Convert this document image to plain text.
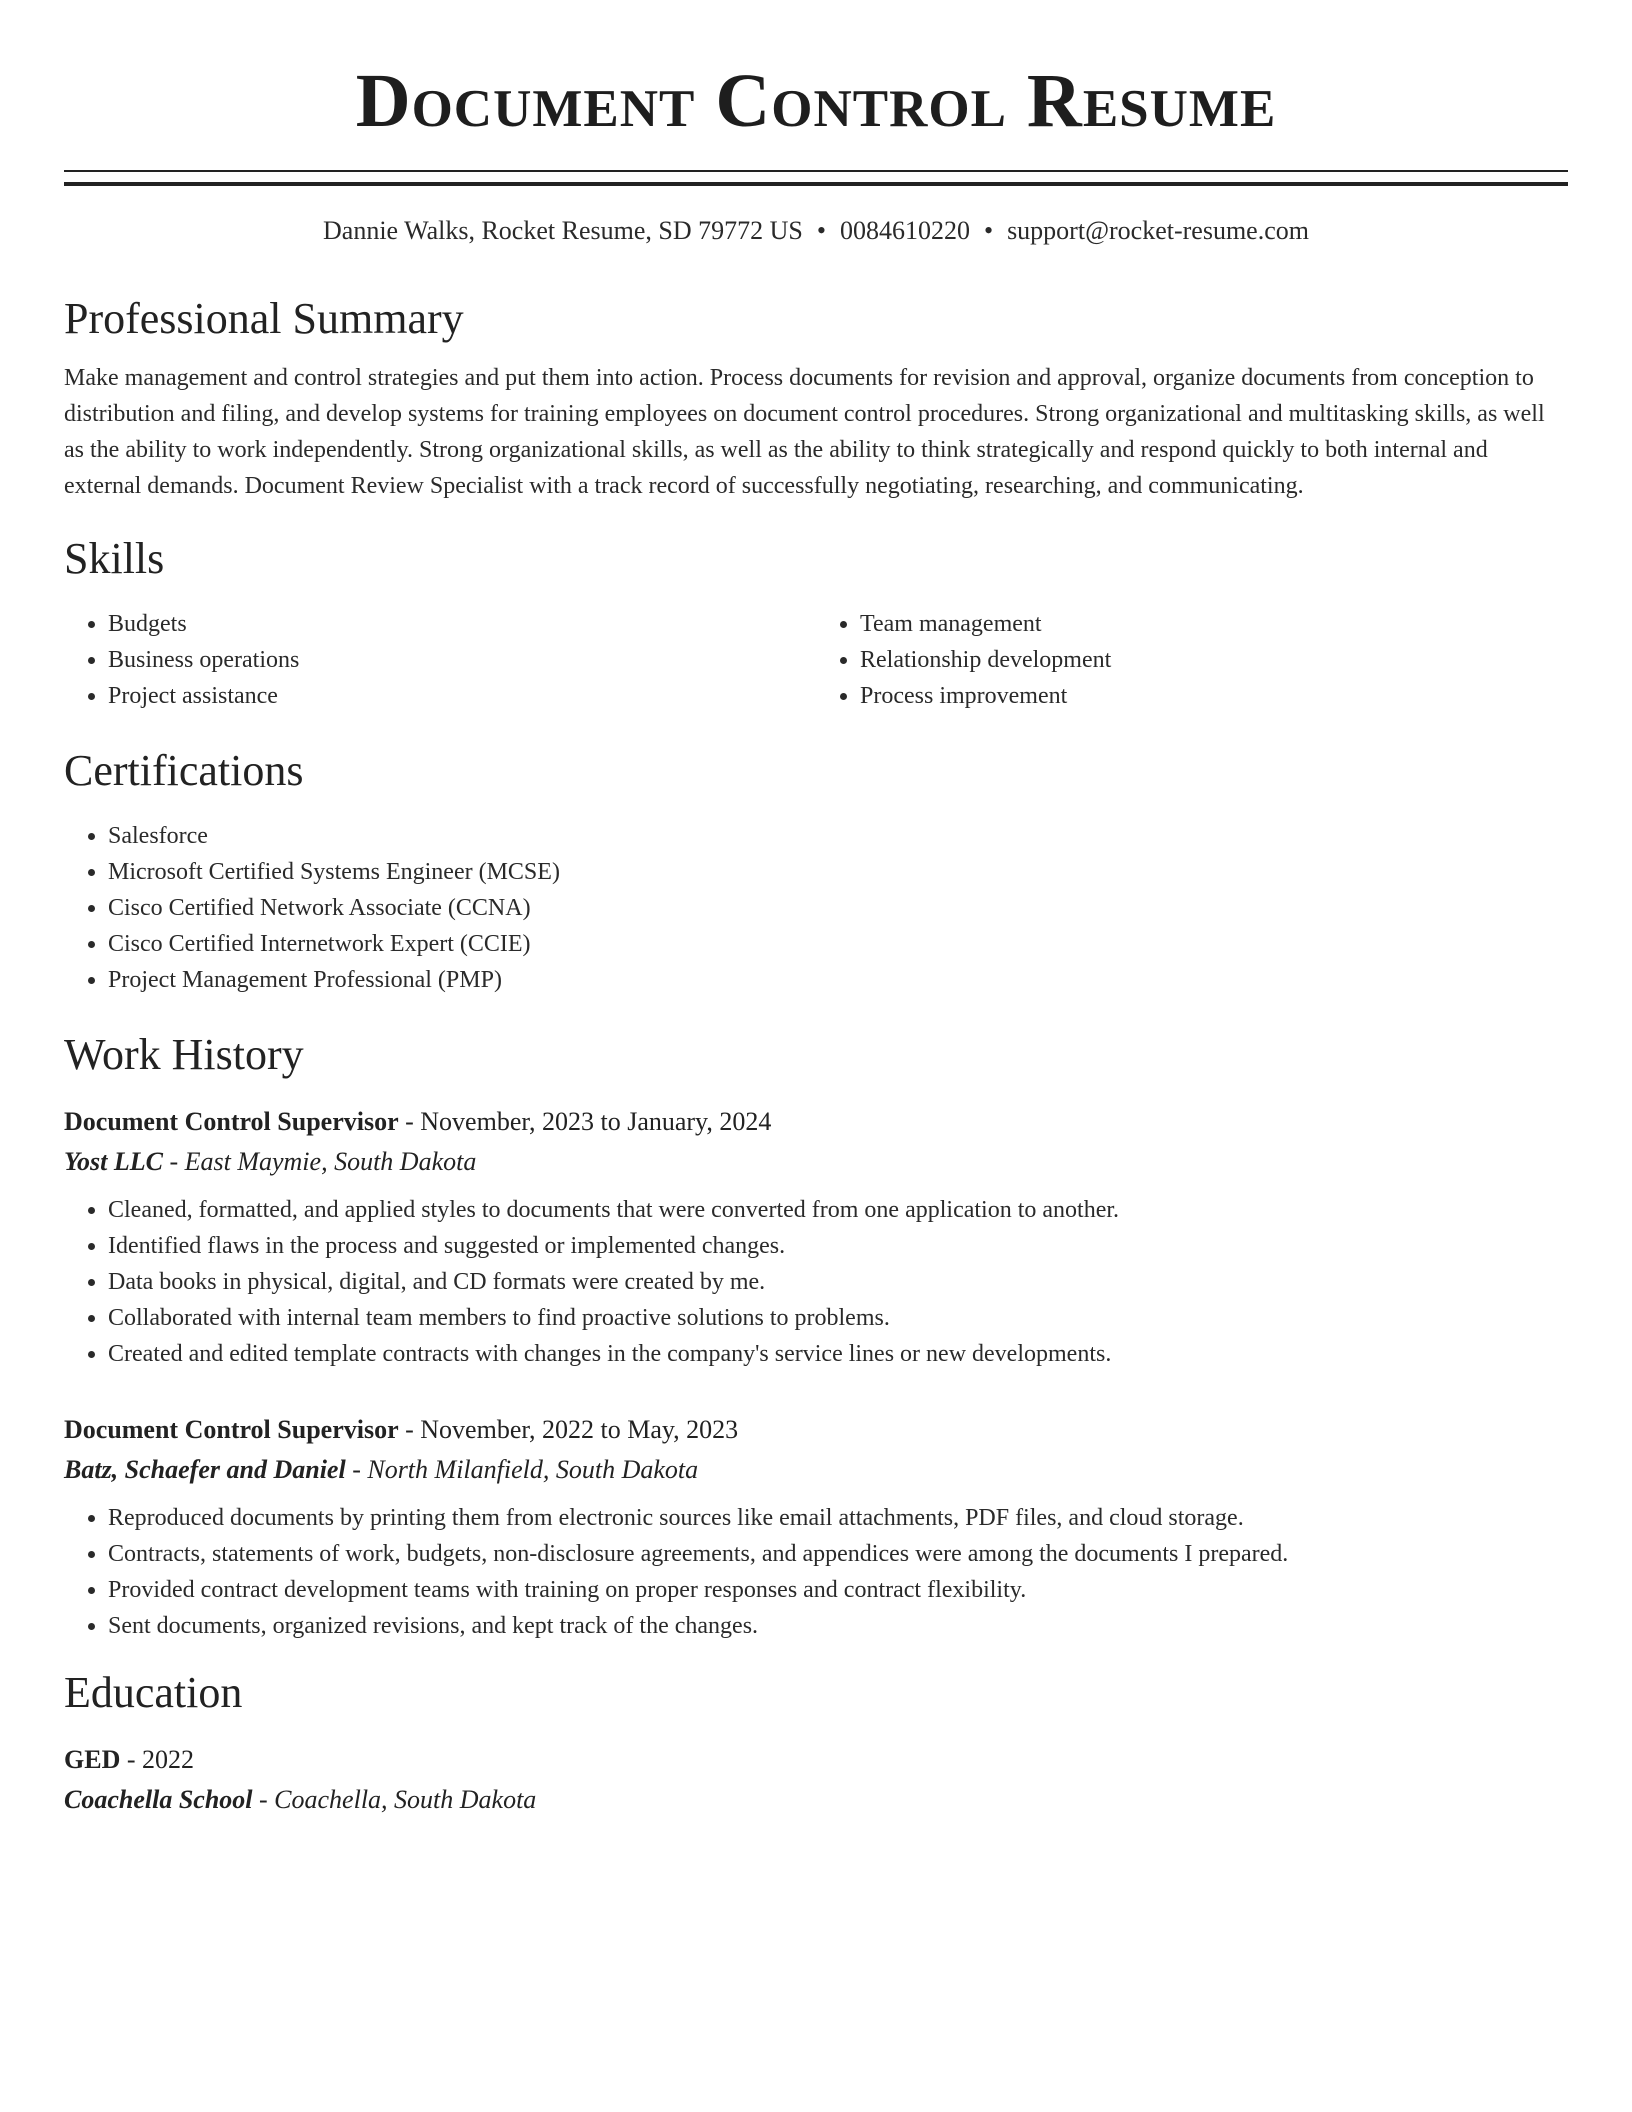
Document Control Resume
Dannie Walks, Rocket Resume, SD 79772 US • 0084610220 • support@rocket-resume.com
Professional Summary

Make management and control strategies and put them into action. Process documents for revision and approval, organize documents from conception to distribution and filing, and develop systems for training employees on document control procedures. Strong organizational and multitasking skills, as well as the ability to work independently. Strong organizational skills, as well as the ability to think strategically and respond quickly to both internal and external demands. Document Review Specialist with a track record of successfully negotiating, researching, and communicating.

Skills
• Budgets
• Business operations
• Project assistance
• Team management
• Relationship development
• Process improvement
Certifications
• Salesforce
• Microsoft Certified Systems Engineer (MCSE)
• Cisco Certified Network Associate (CCNA)
• Cisco Certified Internetwork Expert (CCIE)
• Project Management Professional (PMP)
Work History
Document Control Supervisor - November, 2023 to January, 2024
Yost LLC - East Maymie, South Dakota
• Cleaned, formatted, and applied styles to documents that were converted from one application to another.
• Identified flaws in the process and suggested or implemented changes.
• Data books in physical, digital, and CD formats were created by me.
• Collaborated with internal team members to find proactive solutions to problems.
• Created and edited template contracts with changes in the company's service lines or new developments.
Document Control Supervisor - November, 2022 to May, 2023
Batz, Schaefer and Daniel - North Milanfield, South Dakota
• Reproduced documents by printing them from electronic sources like email attachments, PDF files, and cloud storage.
• Contracts, statements of work, budgets, non-disclosure agreements, and appendices were among the documents I prepared.
• Provided contract development teams with training on proper responses and contract flexibility.
• Sent documents, organized revisions, and kept track of the changes.
Education
GED - 2022
Coachella School - Coachella, South Dakota
